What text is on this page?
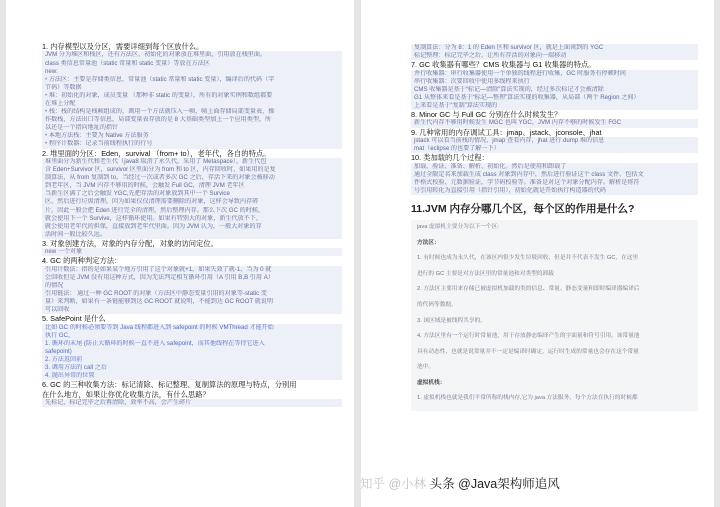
1. 内存模型以及分区，需要详细到每个区放什么。
JVM 分为堆区和栈区，还有方法区，初始化的对象放在堆里面，引用放在栈里面，
class 类信息常量池（static 常量和 static 变量）等放在方法区
new:
• 方法区：主要是存储类信息，常量池（static 常量和 static 变量），编译后的代码（字
节码）等数据
• 堆：初始化的对象，成员变量 （那种非 static 的变量），所有的对象实例和数组都要
在堆上分配
• 栈：栈的结构是栈帧组成的，调用一个方法就压入一帧，帧上面存储局部变量表，操
作数栈，方法出口等信息，局部变量表存放的是 8 大基础类型加上一个应用类型，所
以还是一个指向地址的指针
• 本地方法栈：主要为 Native 方法服务
• 程序计数器：记录当前线程执行的行号
2. 堆里面的分区：Eden，survival （from+ to），老年代，各自的特点。
堆里面分为新生代和老生代（java8 取消了永久代，采用了 Metaspace），新生代包
含 Eden+Survivor 区，survivor 区里面分为 from 和 to 区，内存回收时，如果用的是复
制算法，从 from 复制到 to，当经过一次或者多次 GC 之后，存活下来的对象会被移动
到老年区，当 JVM 内存不够用的时候，会触发 Full GC，清理 JVM 老年区
当新生区满了之后会触发 YGC,先把存活的对象放到其中一个 Survice
区，然后进行垃圾清理。因为如果仅仅清理需要删除的对象，这样会导致内存碎
片，因此一般会把 Eden 进行完全的清理，然后整理内存。那么下次 GC 的时候，
就会使用下一个 Survive，这样循环使用。如果有特别大的对象，新生代放不下，
就会使用老年代的担保，直接放到老年代里面。因为 JVM 认为，一般大对象的存
活时间一般比较久远。
3. 对象创建方法，对象的内存分配，对象的访问定位。
new 一个对象
4. GC 的两种判定方法：
引用计数法：指的是如果某个地方引用了这个对象就+1，如果失效了就-1，当为 0 就
会回收但是 JVM 没有用这种方式，因为无法判定相互循环引用（A 引用 B,B 引用 A）
的情况
引用链法： 通过一种 GC ROOT 的对象（方法区中静态变量引用的对象等-static 变
量）来判断，如果有一条链能够到达 GC ROOT 就说明，不能到达 GC ROOT 就说明
可以回收
5. SafePoint 是什么
比如 GC 的时候必须要等到 Java 线程都进入到 safepoint 的时候 VMThread 才能开始
执行 GC，
1. 循环的末尾 (防止大循环的时候一直不进入 safepoint，而其他线程在等待它进入
safepoint)
2. 方法返回前
3. 调用方法的 call 之后
4. 抛出异常的位置
6. GC 的三种收集方法：标记清除、标记整理、复制算法的原理与特点，分别用
在什么地方，如果让你优化收集方法，有什么思路？
先标记，标记完毕之后再清除，效率不高，会产生碎片
复制算法：分为 8：1 的 Eden 区和 survivor 区，就是上面谈到的 YGC
标记整理：标记完毕之后，让所有存活的对象向一端移动
7. GC 收集器有哪些？CMS 收集器与 G1 收集器的特点。
并行收集器：串行收集器使用一个单独的线程进行收集，GC 时服务有停顿时间
串行收集器：次要回收中使用多线程来执行
CMS 收集器是基于“标记—清除”算法实现的，经过多次标记才会被清除
G1 从整体来看是基于“标记—整理”算法实现的收集器，从局部（两个 Region 之间）
上来看是基于“复制”算法实现的
8. Minor GC 与 Full GC 分别在什么时候发生？
新生代内存不够用时候发生 MGC 也叫 YGC，JVM 内存不够的时候发生 FGC
9. 几种常用的内存调试工具：jmap、jstack、jconsole、jhat
jstack 可以看当前栈的情况，jmap 查看内存，jhat 进行 dump 堆的信息
mat（eclipse 的也要了解一下）
10. 类加载的几个过程：
加载、验证、准备、解析、初始化。然后是使用和卸载了
通过全限定名来加载生成 class 对象到内存中，然后进行验证这个 class 文件，包括文
件格式校验、元数据验证，字节码校验等。准备是对这个对象分配内存。解析是将符
号引用转化为直接引用（指针引用），初始化就是开始执行构造器的代码
11.JVM 内存分哪几个区，每个区的作用是什么?
java 虚拟机主要分为以下一个区:
方法区：
1. 有时候也成为永久代，在该区内很少发生垃圾回收，但是并不代表不发生 GC，在这里
进行的 GC 主要是对方法区里的常量池和对类型的卸载
2. 方法区主要用来存储已被虚拟机加载的类的信息、常量、静态变量和即时编译器编译后
的代码等数据。
3. 该区域是被线程共享的。
4. 方法区里有一个运行时常量池，用于存放静态编译产生的字面量和符号引用。该常量池
具有动态性，也就是说常量并不一定是编译时确定，运行时生成的常量也会存在这个常量
池中。
虚拟机栈：
1. 虚拟机栈也就是我们平常所称的栈内存,它为 java 方法服务，每个方法在执行的时候都
知乎 @小林 头条 @Java架构师追风
